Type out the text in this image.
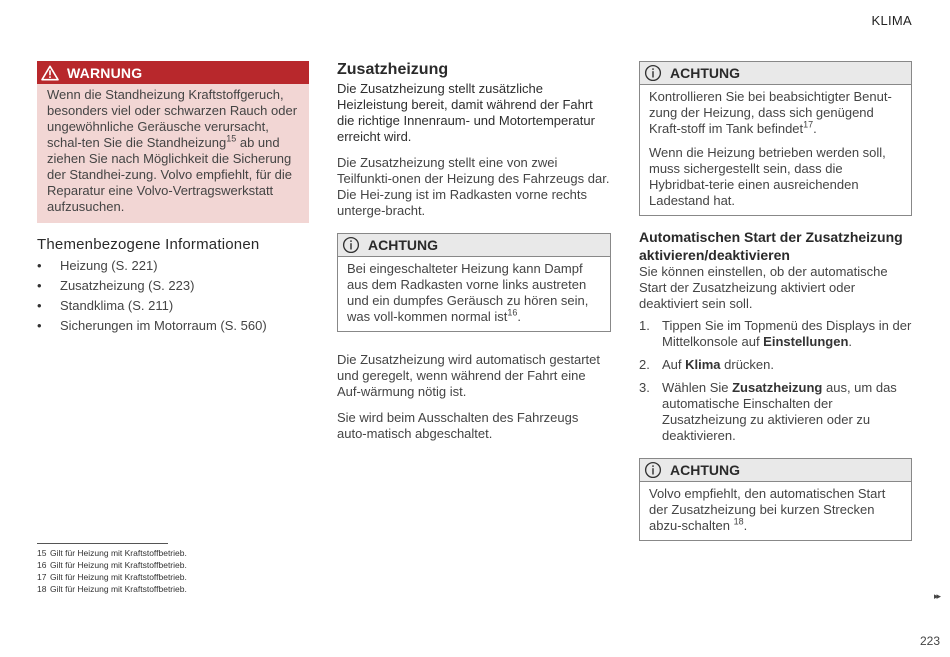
KLIMA
WARNUNG
Wenn die Standheizung Kraftstoffgeruch, besonders viel oder schwarzen Rauch oder ungewöhnliche Geräusche verursacht, schal-ten Sie die Standheizung$^{15}$ ab und ziehen Sie nach Möglichkeit die Sicherung der Standhei-zung. Volvo empfiehlt, für die Reparatur eine Volvo-Vertragswerkstatt aufzusuchen.
Themenbezogene Informationen
• Heizung (S. 221)
• Zusatzheizung (S. 223)
• Standklima (S. 211)
• Sicherungen im Motorraum (S. 560)
Zusatzheizung

Die Zusatzheizung stellt zusätzliche Heizleistung bereit, damit während der Fahrt die richtige Innenraum- und Motortemperatur erreicht wird.

Die Zusatzheizung stellt eine von zwei Teilfunkti-onen der Heizung des Fahrzeugs dar. Die Hei-zung ist im Radkasten vorne rechts unterge-bracht.

ACHTUNG
Bei eingeschalteter Heizung kann Dampf aus dem Radkasten vorne links austreten und ein dumpfes Geräusch zu hören sein, was voll-kommen normal ist$^{16}$.

Die Zusatzheizung wird automatisch gestartet und geregelt, wenn während der Fahrt eine Auf-wärmung nötig ist.

Sie wird beim Ausschalten des Fahrzeugs auto-matisch abgeschaltet.

ACHTUNG

Kontrollieren Sie bei beabsichtigter Benut-zung der Heizung, dass sich genügend Kraft-stoff im Tank befindet$^{17}$.

Wenn die Heizung betrieben werden soll, muss sichergestellt sein, dass die Hybridbat-terie einen ausreichenden Ladestand hat.

Automatischen Start der Zusatzheizung aktivieren/deaktivieren

Sie können einstellen, ob der automatische Start der Zusatzheizung aktiviert oder deaktiviert sein soll.

1. Tippen Sie im Topmenü des Displays in der Mittelkonsole auf Einstellungen.
2. Auf Klima drücken.
3. Wählen Sie Zusatzheizung aus, um das automatische Einschalten der Zusatzheizung zu aktivieren oder zu deaktivieren.
ACHTUNG
Volvo empfiehlt, den automatischen Start der Zusatzheizung bei kurzen Strecken abzu-schalten $^{18}$.
15 Gilt für Heizung mit Kraftstoffbetrieb.
16 Gilt für Heizung mit Kraftstoffbetrieb.
17 Gilt für Heizung mit Kraftstoffbetrieb.
18 Gilt für Heizung mit Kraftstoffbetrieb.
▸▸
223
